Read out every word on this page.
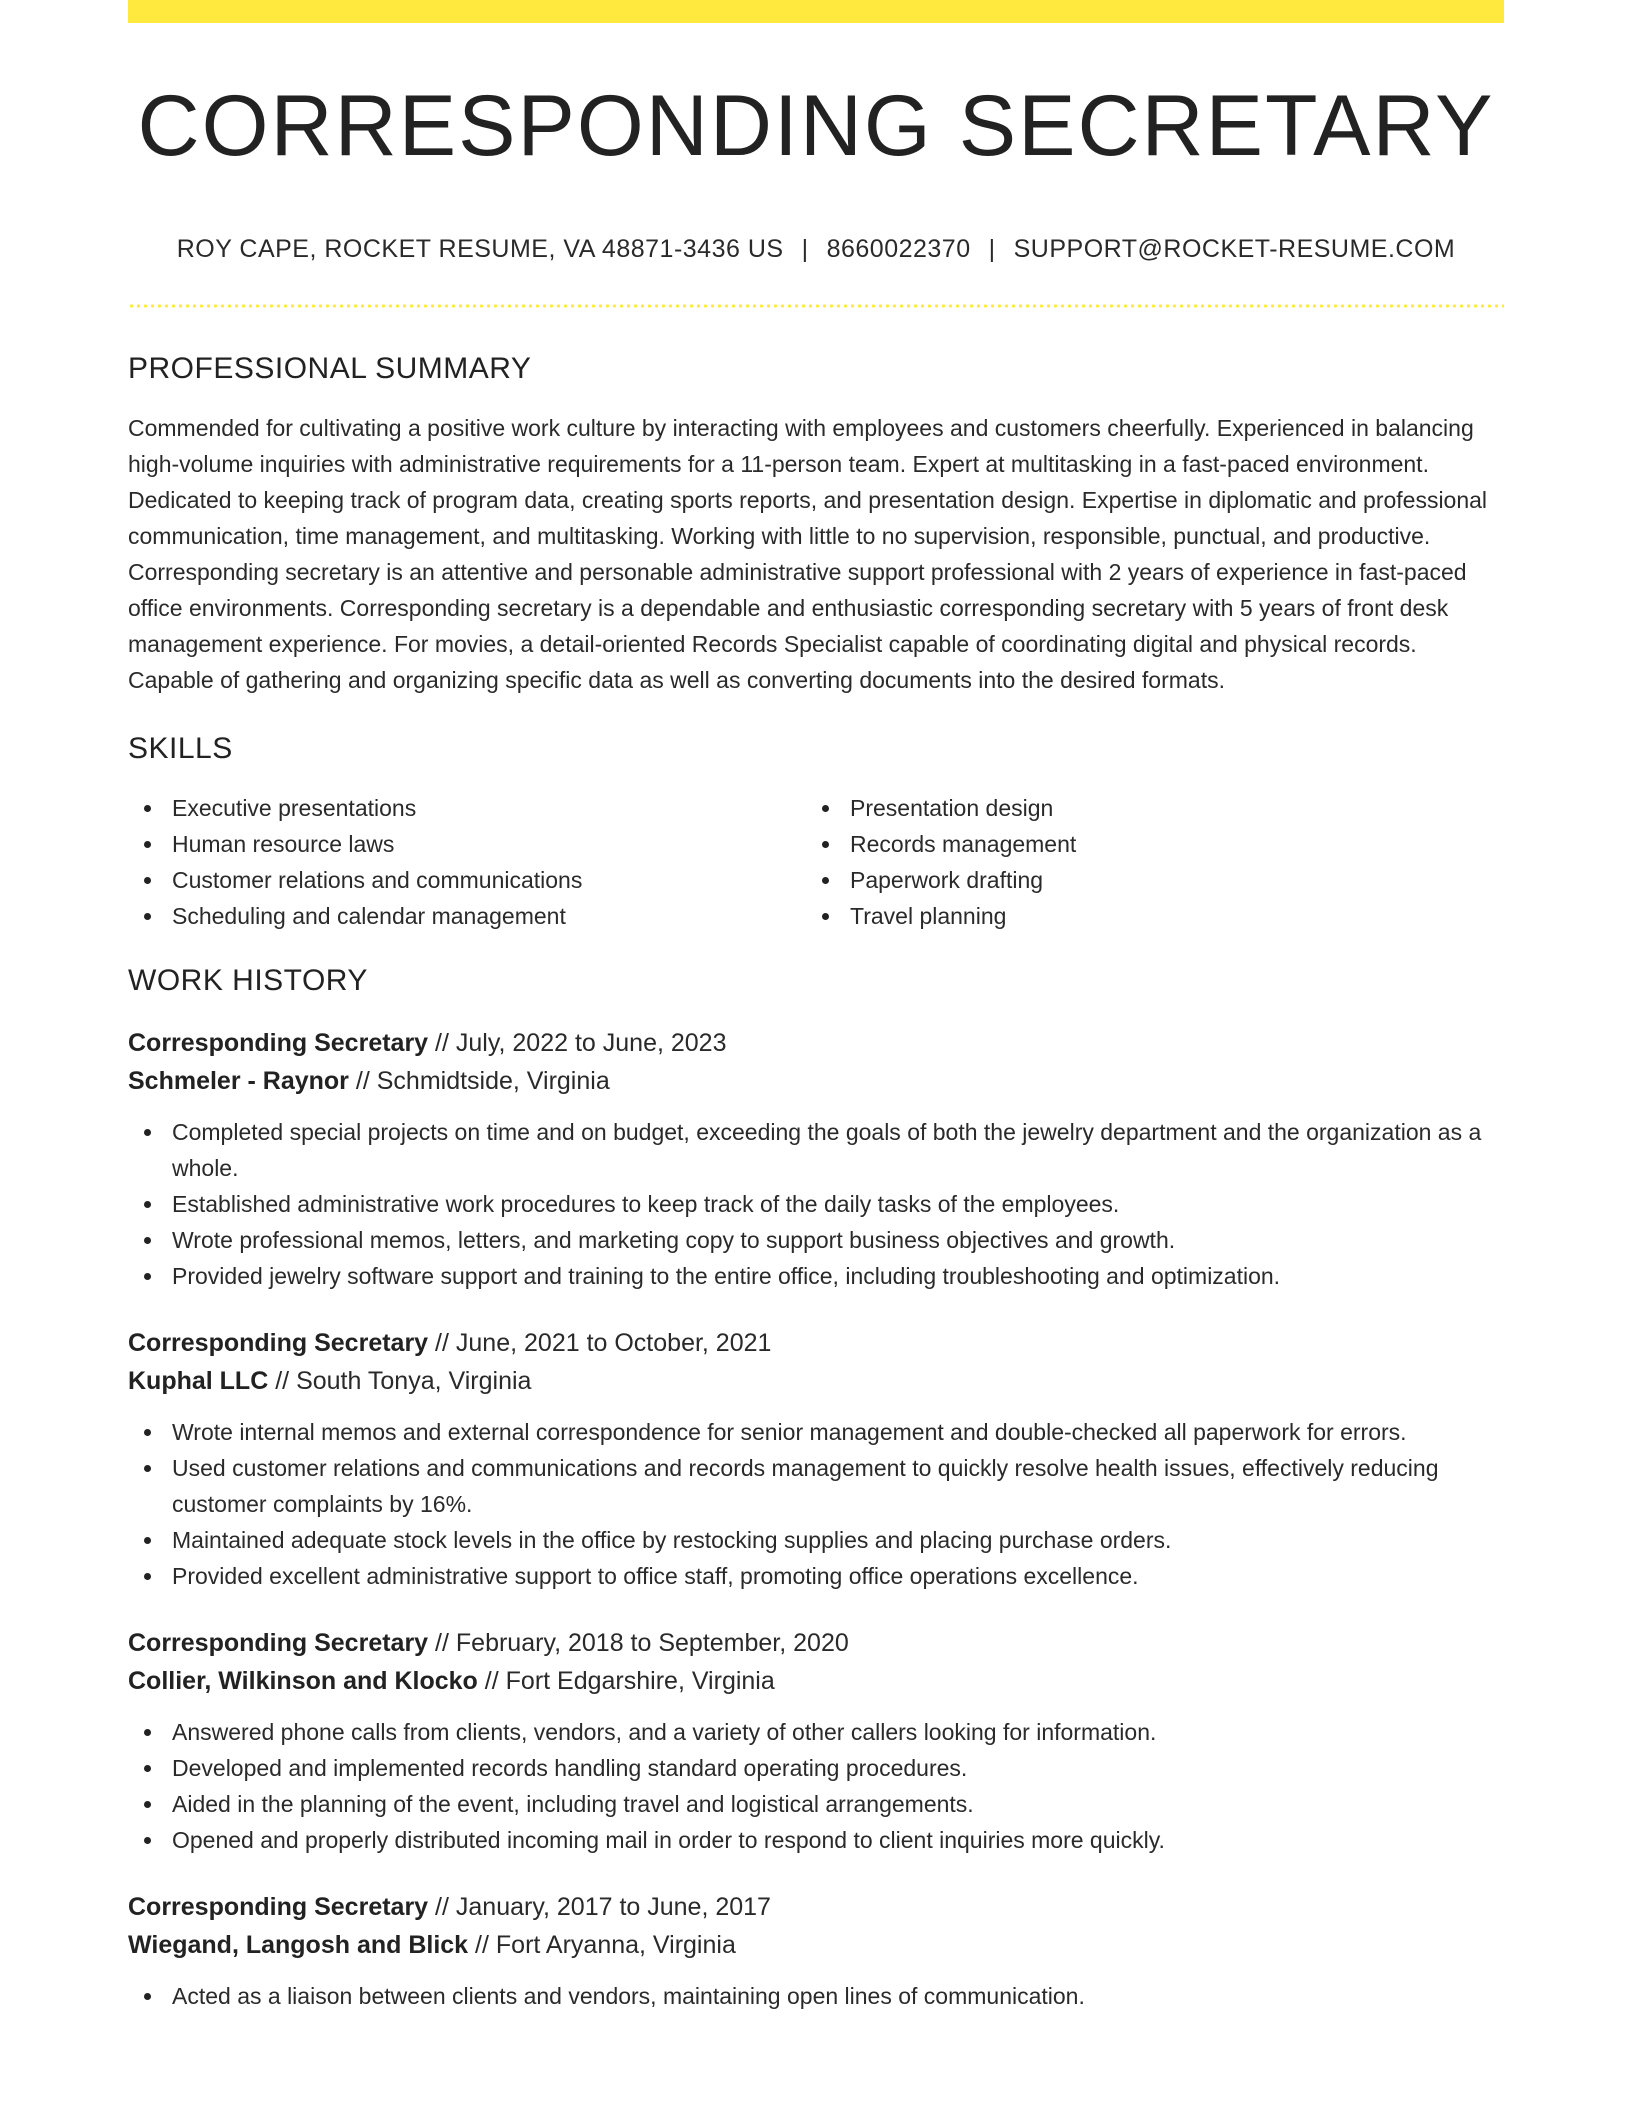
CORRESPONDING SECRETARY
ROY CAPE, ROCKET RESUME, VA 48871-3436 US | 8660022370 | SUPPORT@ROCKET-RESUME.COM
PROFESSIONAL SUMMARY

Commended for cultivating a positive work culture by interacting with employees and customers cheerfully. Experienced in balancing high-volume inquiries with administrative requirements for a 11-person team. Expert at multitasking in a fast-paced environment. Dedicated to keeping track of program data, creating sports reports, and presentation design. Expertise in diplomatic and professional communication, time management, and multitasking. Working with little to no supervision, responsible, punctual, and productive. Corresponding secretary is an attentive and personable administrative support professional with 2 years of experience in fast-paced office environments. Corresponding secretary is a dependable and enthusiastic corresponding secretary with 5 years of front desk management experience. For movies, a detail-oriented Records Specialist capable of coordinating digital and physical records. Capable of gathering and organizing specific data as well as converting documents into the desired formats.

SKILLS
Executive presentations
Human resource laws
Customer relations and communications
Scheduling and calendar management
Presentation design
Records management
Paperwork drafting
Travel planning
WORK HISTORY
Corresponding Secretary // July, 2022 to June, 2023
Schmeler - Raynor // Schmidtside, Virginia
Completed special projects on time and on budget, exceeding the goals of both the jewelry department and the organization as a whole.
Established administrative work procedures to keep track of the daily tasks of the employees.
Wrote professional memos, letters, and marketing copy to support business objectives and growth.
Provided jewelry software support and training to the entire office, including troubleshooting and optimization.
Corresponding Secretary // June, 2021 to October, 2021
Kuphal LLC // South Tonya, Virginia
Wrote internal memos and external correspondence for senior management and double-checked all paperwork for errors.
Used customer relations and communications and records management to quickly resolve health issues, effectively reducing customer complaints by 16%.
Maintained adequate stock levels in the office by restocking supplies and placing purchase orders.
Provided excellent administrative support to office staff, promoting office operations excellence.
Corresponding Secretary // February, 2018 to September, 2020
Collier, Wilkinson and Klocko // Fort Edgarshire, Virginia
Answered phone calls from clients, vendors, and a variety of other callers looking for information.
Developed and implemented records handling standard operating procedures.
Aided in the planning of the event, including travel and logistical arrangements.
Opened and properly distributed incoming mail in order to respond to client inquiries more quickly.
Corresponding Secretary // January, 2017 to June, 2017
Wiegand, Langosh and Blick // Fort Aryanna, Virginia
Acted as a liaison between clients and vendors, maintaining open lines of communication.
